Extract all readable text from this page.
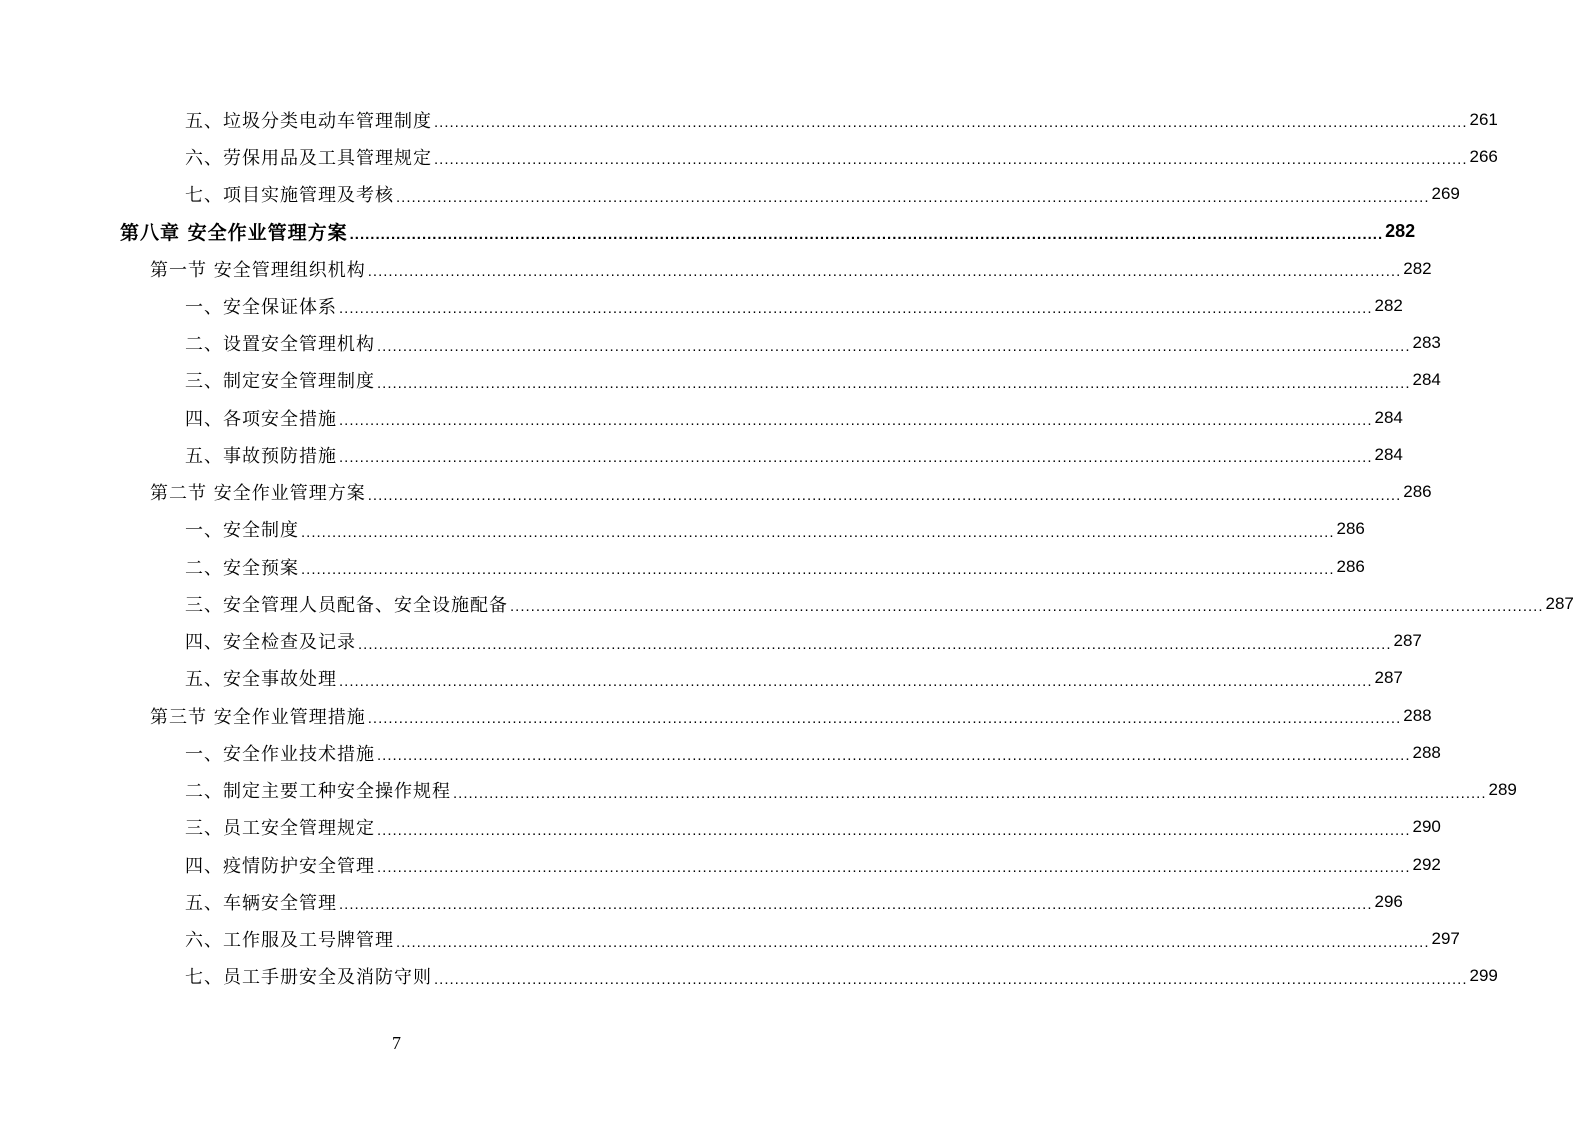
五、垃圾分类电动车管理制度 ........................................................................................................................................................................................................ 261
六、劳保用品及工具管理规定 ........................................................................................................................................................................................................ 266
七、项目实施管理及考核 ........................................................................................................................................................................................................ 269
第八章 安全作业管理方案 ........................................................................................................................................................................................................ 282
第一节 安全管理组织机构 ........................................................................................................................................................................................................ 282
一、安全保证体系 ........................................................................................................................................................................................................ 282
二、设置安全管理机构 ........................................................................................................................................................................................................ 283
三、制定安全管理制度 ........................................................................................................................................................................................................ 284
四、各项安全措施 ........................................................................................................................................................................................................ 284
五、事故预防措施 ........................................................................................................................................................................................................ 284
第二节 安全作业管理方案 ........................................................................................................................................................................................................ 286
一、安全制度 ........................................................................................................................................................................................................ 286
二、安全预案 ........................................................................................................................................................................................................ 286
三、安全管理人员配备、安全设施配备 ........................................................................................................................................................................................................ 287
四、安全检查及记录 ........................................................................................................................................................................................................ 287
五、安全事故处理 ........................................................................................................................................................................................................ 287
第三节 安全作业管理措施 ........................................................................................................................................................................................................ 288
一、安全作业技术措施 ........................................................................................................................................................................................................ 288
二、制定主要工种安全操作规程 ........................................................................................................................................................................................................ 289
三、员工安全管理规定 ........................................................................................................................................................................................................ 290
四、疫情防护安全管理 ........................................................................................................................................................................................................ 292
五、车辆安全管理 ........................................................................................................................................................................................................ 296
六、工作服及工号牌管理 ........................................................................................................................................................................................................ 297
七、员工手册安全及消防守则 ........................................................................................................................................................................................................ 299
7
